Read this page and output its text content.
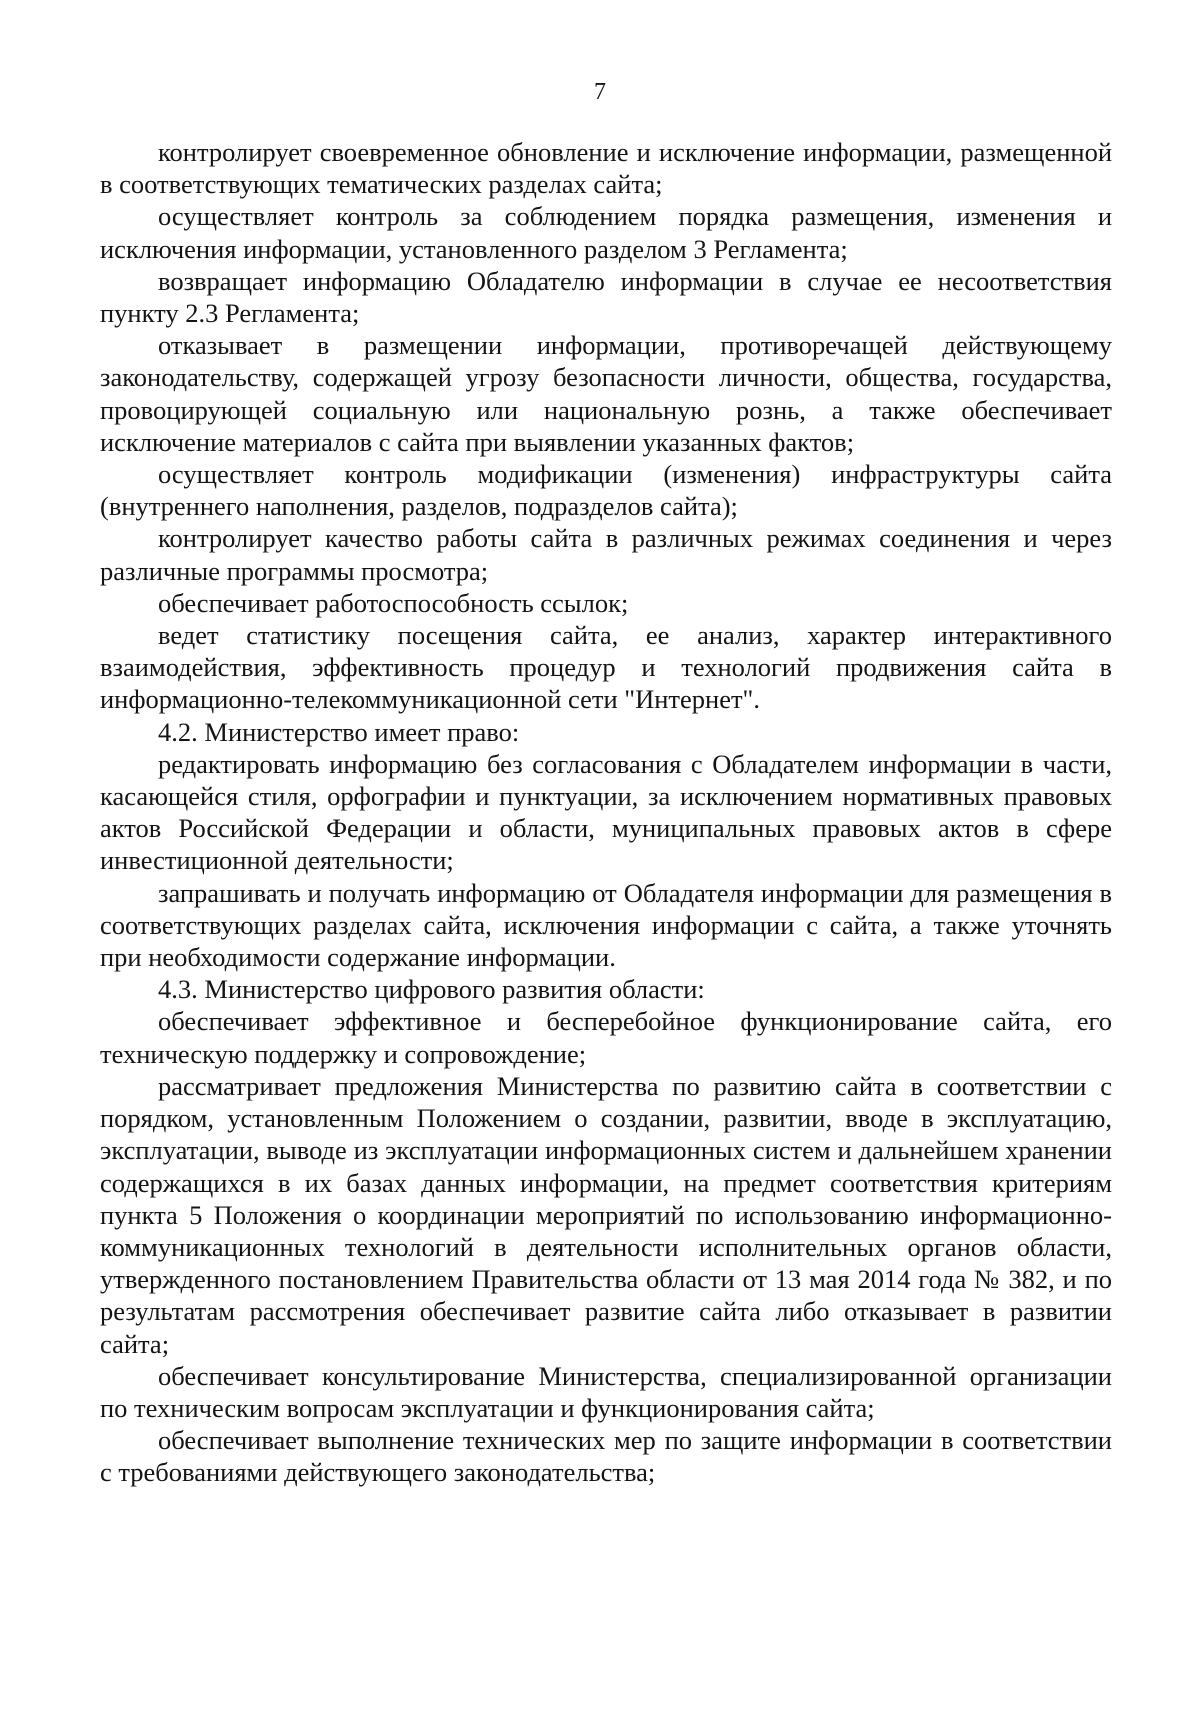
7

контролирует своевременное обновление и исключение информации, размещенной в соответствующих тематических разделах сайта;

осуществляет контроль за соблюдением порядка размещения, изменения и исключения информации, установленного разделом 3 Регламента;

возвращает информацию Обладателю информации в случае ее несоответствия пункту 2.3 Регламента;

отказывает в размещении информации, противоречащей действующему законодательству, содержащей угрозу безопасности личности, общества, государства, провоцирующей социальную или национальную рознь, а также обеспечивает исключение материалов с сайта при выявлении указанных фактов;

осуществляет контроль модификации (изменения) инфраструктуры сайта (внутреннего наполнения, разделов, подразделов сайта);

контролирует качество работы сайта в различных режимах соединения и через различные программы просмотра;

обеспечивает работоспособность ссылок;

ведет статистику посещения сайта, ее анализ, характер интерактивного взаимодействия, эффективность процедур и технологий продвижения сайта в информационно-телекоммуникационной сети "Интернет".

4.2. Министерство имеет право:

редактировать информацию без согласования с Обладателем информации в части, касающейся стиля, орфографии и пунктуации, за исключением нормативных правовых актов Российской Федерации и области, муниципальных правовых актов в сфере инвестиционной деятельности;

запрашивать и получать информацию от Обладателя информации для размещения в соответствующих разделах сайта, исключения информации с сайта, а также уточнять при необходимости содержание информации.

4.3. Министерство цифрового развития области:

обеспечивает эффективное и бесперебойное функционирование сайта, его техническую поддержку и сопровождение;

рассматривает предложения Министерства по развитию сайта в соответствии с порядком, установленным Положением о создании, развитии, вводе в эксплуатацию, эксплуатации, выводе из эксплуатации информационных систем и дальнейшем хранении содержащихся в их базах данных информации, на предмет соответствия критериям пункта 5 Положения о координации мероприятий по использованию информационно-коммуникационных технологий в деятельности исполнительных органов области, утвержденного постановлением Правительства области от 13 мая 2014 года № 382, и по результатам рассмотрения обеспечивает развитие сайта либо отказывает в развитии сайта;

обеспечивает консультирование Министерства, специализированной организации по техническим вопросам эксплуатации и функционирования сайта;

обеспечивает выполнение технических мер по защите информации в соответствии с требованиями действующего законодательства;
